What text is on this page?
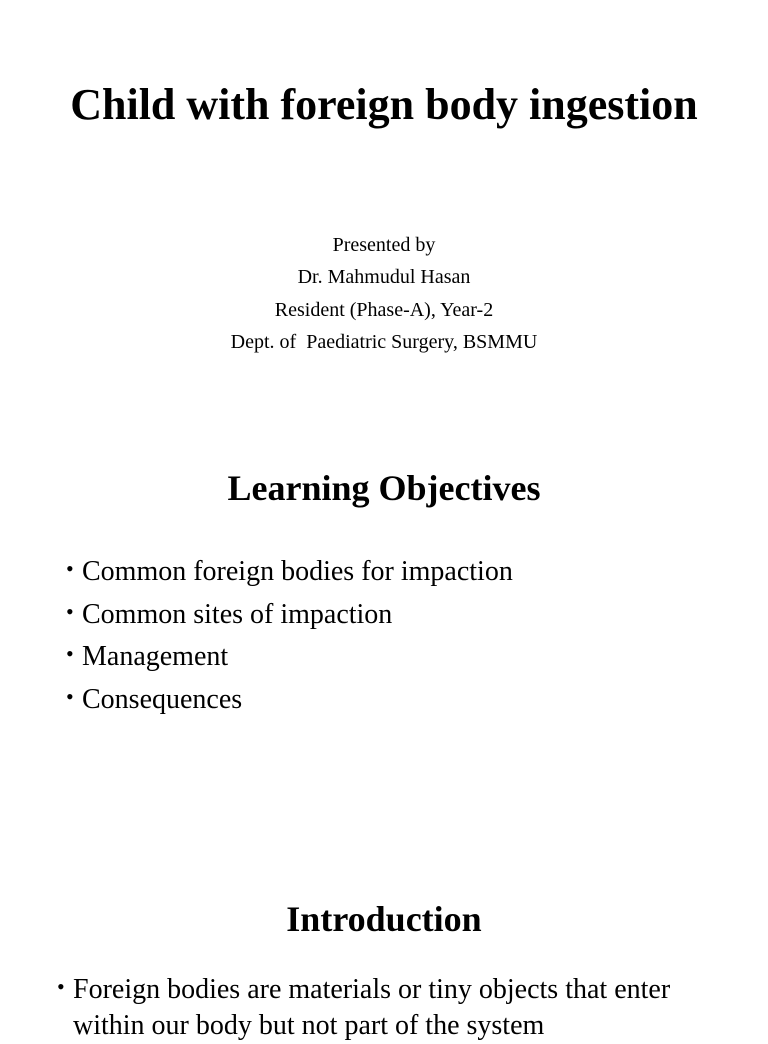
Child with foreign body ingestion
Presented by
Dr. Mahmudul Hasan
Resident (Phase-A), Year-2
Dept. of  Paediatric Surgery, BSMMU
Learning Objectives
• Common foreign bodies for impaction
• Common sites of impaction
• Management
• Consequences
Introduction
• Foreign bodies are materials or tiny objects that enter within our body but not part of the system
